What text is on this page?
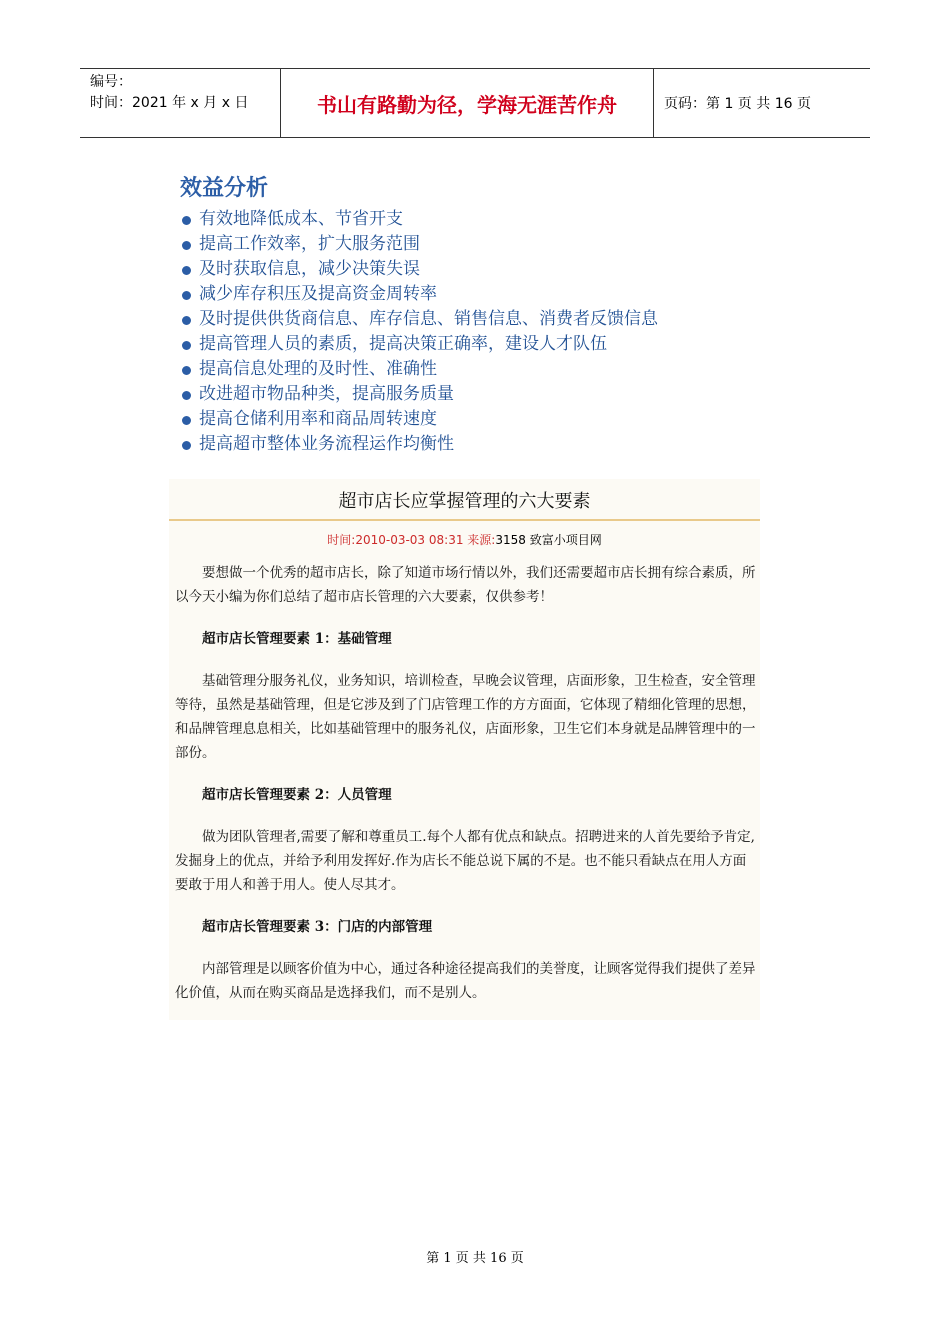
编号：
时间：2021 年 x 月 x 日	书山有路勤为径，学海无涯苦作舟	页码：第 1 页 共 16 页
效益分析
有效地降低成本、节省开支
提高工作效率，扩大服务范围
及时获取信息，减少决策失误
减少库存积压及提高资金周转率
及时提供供货商信息、库存信息、销售信息、消费者反馈信息
提高管理人员的素质，提高决策正确率，建设人才队伍
提高信息处理的及时性、准确性
改进超市物品种类，提高服务质量
提高仓储利用率和商品周转速度
提高超市整体业务流程运作均衡性
超市店长应掌握管理的六大要素
时间:2010-03-03 08:31 来源:3158 致富小项目网

要想做一个优秀的超市店长，除了知道市场行情以外，我们还需要超市店长拥有综合素质，所以今天小编为你们总结了超市店长管理的六大要素，仅供参考！

超市店长管理要素 1：基础管理

基础管理分服务礼仪，业务知识，培训检查，早晚会议管理，店面形象，卫生检查，安全管理等待，虽然是基础管理，但是它涉及到了门店管理工作的方方面面，它体现了精细化管理的思想，和品牌管理息息相关，比如基础管理中的服务礼仪，店面形象，卫生它们本身就是品牌管理中的一部份。

超市店长管理要素 2：人员管理

做为团队管理者,需要了解和尊重员工.每个人都有优点和缺点。招聘进来的人首先要给予肯定,发掘身上的优点，并给予利用发挥好.作为店长不能总说下属的不是。也不能只看缺点在用人方面要敢于用人和善于用人。使人尽其才。

超市店长管理要素 3：门店的内部管理

内部管理是以顾客价值为中心，通过各种途径提高我们的美誉度，让顾客觉得我们提供了差异化价值，从而在购买商品是选择我们，而不是别人。

第 1 页 共 16 页
